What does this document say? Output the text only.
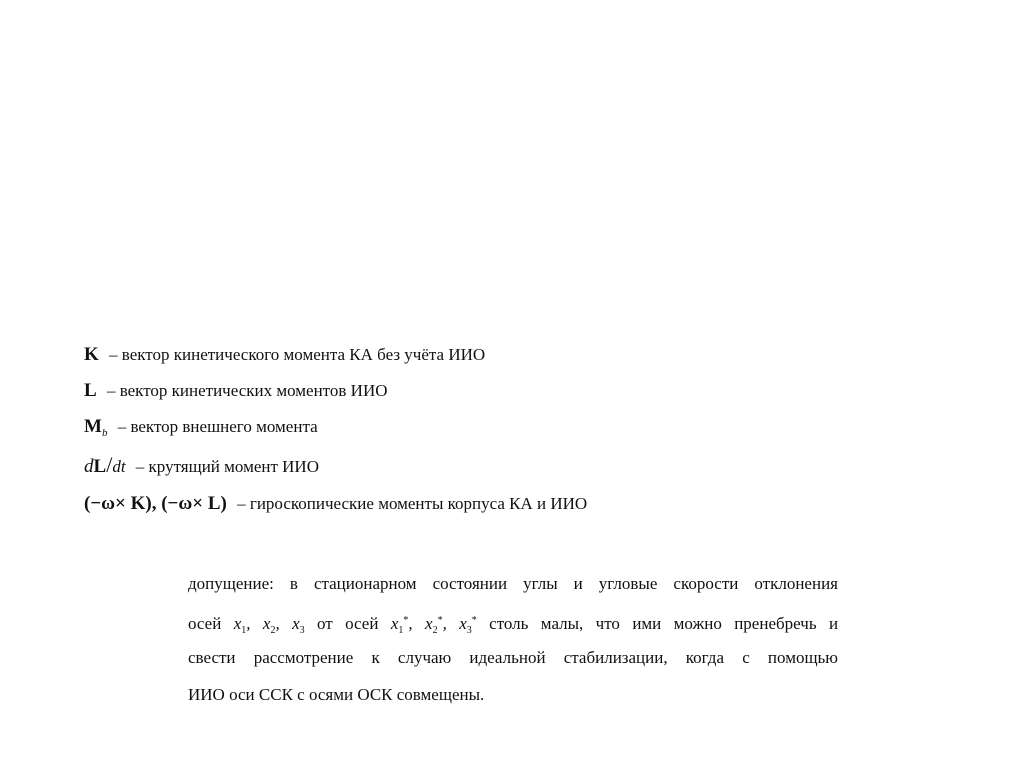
K – вектор кинетического момента КА без учёта ИИО
L – вектор кинетических моментов ИИО
$M_b$ – вектор внешнего момента
dL/dt – крутящий момент ИИО
(−ω× K), (−ω× L) – гироскопические моменты корпуса КА и ИИО
допущение: в стационарном состоянии углы и угловые скорости отклонения
осей $x_1$, $x_2$, $x_3$ от осей $x_1^*$, $x_2^*$, $x_3^*$ столь малы, что ими можно пренебречь и
свести рассмотрение к случаю идеальной стабилизации, когда с помощью
ИИО оси ССК с осями ОСК совмещены.
